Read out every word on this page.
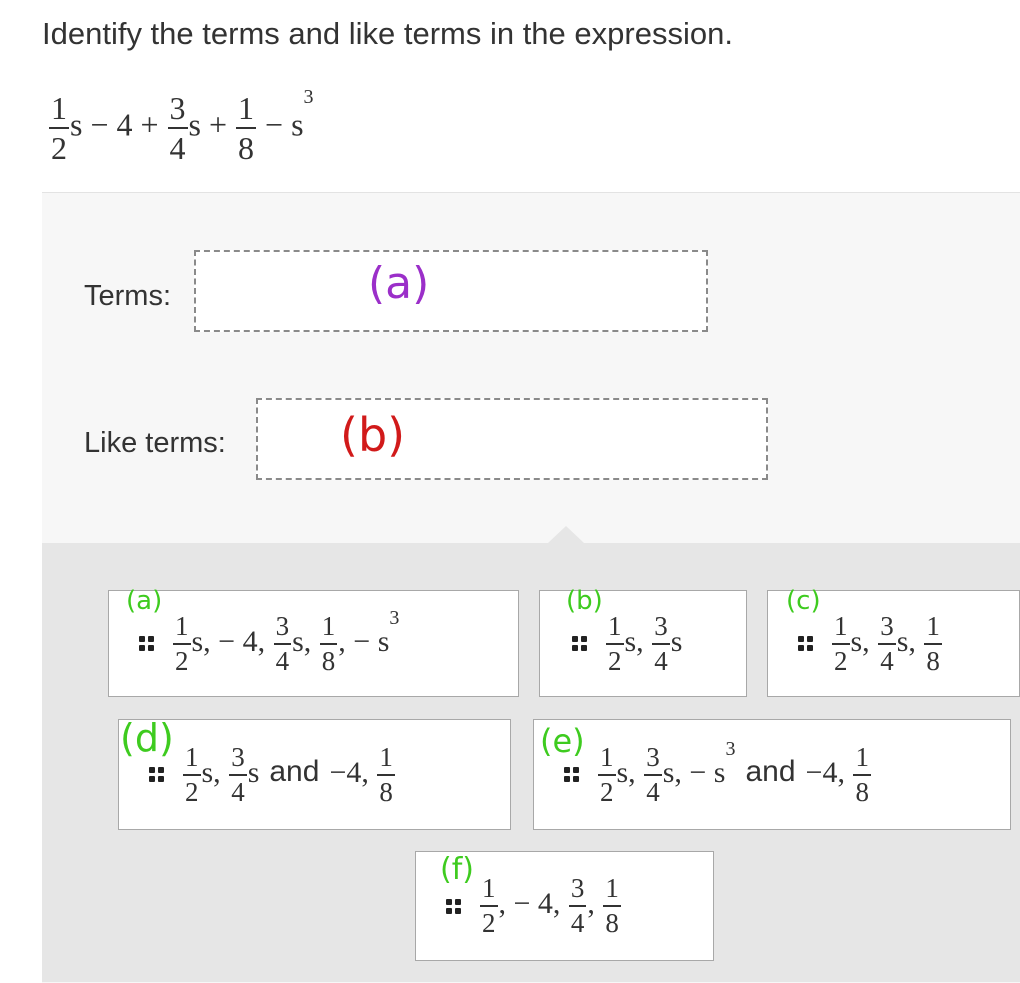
Identify the terms and like terms in the expression.
$\frac{1}{2}$ $s - 4 + \frac{3}{4}$ $s + \frac{1}{8} - s^3$
Terms:	(a)
Like terms: (b)
$\frac{1}{2} s$, − 4, $\frac{3}{4} s$, $\frac{1}{8}$ , − $s^3$
(a)
$\frac{1}{2} s$, $\frac{3}{4}$ s
(b)
$\frac{1}{2} s$, $\frac{3}{4} s$, $\frac{1}{8}$
(c)
$\frac{1}{2} s$, $\frac{3}{4}$ s and −4, $\frac{1}{8}$
(d)
$\frac{1}{2} s$, $\frac{3}{4} s$, − $s^3and -4$, $\frac{1}{8}$
(e)
$\frac{1}{2}$ , − 4, $\frac{3}{4}$ , $\frac{1}{8}$
(f)
